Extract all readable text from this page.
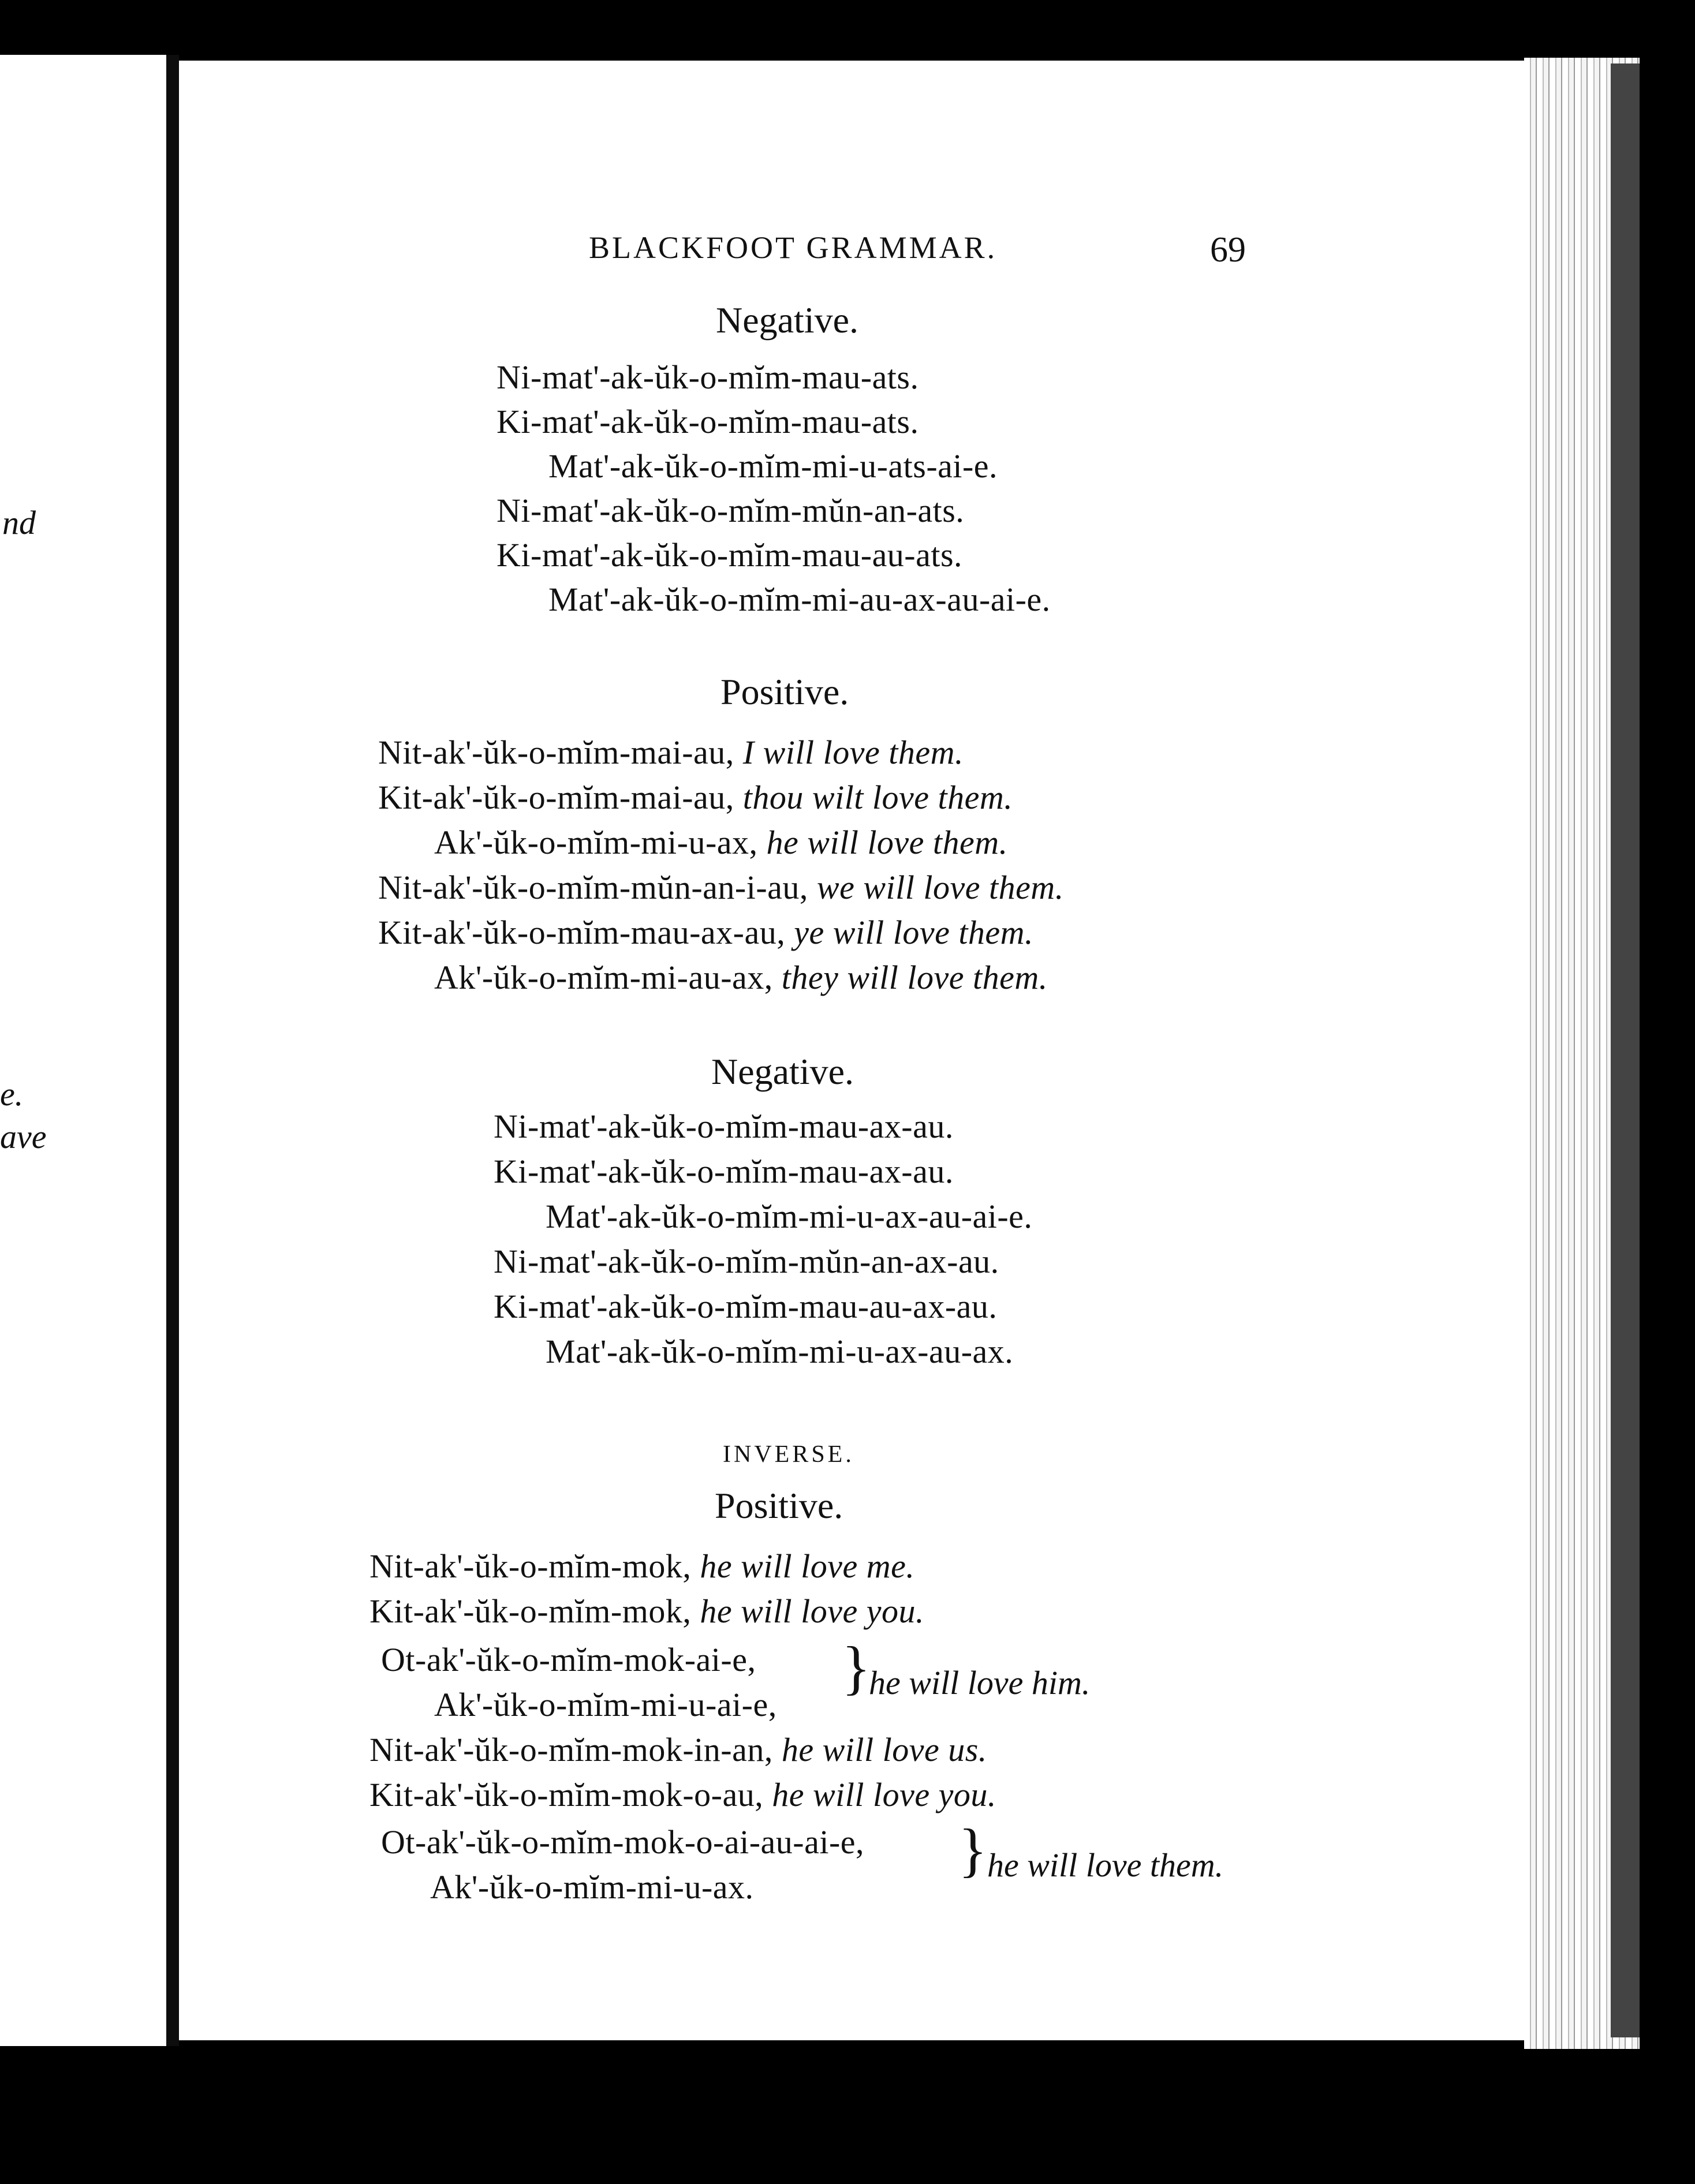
nd
e.
ave
BLACKFOOT GRAMMAR.	69
Negative.
Ni-mat'-ak-ŭk-o-mĭm-mau-ats.
Ki-mat'-ak-ŭk-o-mĭm-mau-ats.
Mat'-ak-ŭk-o-mĭm-mi-u-ats-ai-e.
Ni-mat'-ak-ŭk-o-mĭm-mŭn-an-ats.
Ki-mat'-ak-ŭk-o-mĭm-mau-au-ats.
Mat'-ak-ŭk-o-mĭm-mi-au-ax-au-ai-e.
Positive.
Nit-ak'-ŭk-o-mĭm-mai-au, I will love them.
Kit-ak'-ŭk-o-mĭm-mai-au, thou wilt love them.
Ak'-ŭk-o-mĭm-mi-u-ax, he will love them.
Nit-ak'-ŭk-o-mĭm-mŭn-an-i-au, we will love them.
Kit-ak'-ŭk-o-mĭm-mau-ax-au, ye will love them.
Ak'-ŭk-o-mĭm-mi-au-ax, they will love them.
Negative.
Ni-mat'-ak-ŭk-o-mĭm-mau-ax-au.
Ki-mat'-ak-ŭk-o-mĭm-mau-ax-au.
Mat'-ak-ŭk-o-mĭm-mi-u-ax-au-ai-e.
Ni-mat'-ak-ŭk-o-mĭm-mŭn-an-ax-au.
Ki-mat'-ak-ŭk-o-mĭm-mau-au-ax-au.
Mat'-ak-ŭk-o-mĭm-mi-u-ax-au-ax.
INVERSE.
Positive.
Nit-ak'-ŭk-o-mĭm-mok, he will love me.
Kit-ak'-ŭk-o-mĭm-mok, he will love you.
Ot-ak'-ŭk-o-mĭm-mok-ai-e,
Ak'-ŭk-o-mĭm-mi-u-ai-e,
}
he will love him.
Nit-ak'-ŭk-o-mĭm-mok-in-an, he will love us.
Kit-ak'-ŭk-o-mĭm-mok-o-au, he will love you.
Ot-ak'-ŭk-o-mĭm-mok-o-ai-au-ai-e,
Ak'-ŭk-o-mĭm-mi-u-ax.
} he will love them.
